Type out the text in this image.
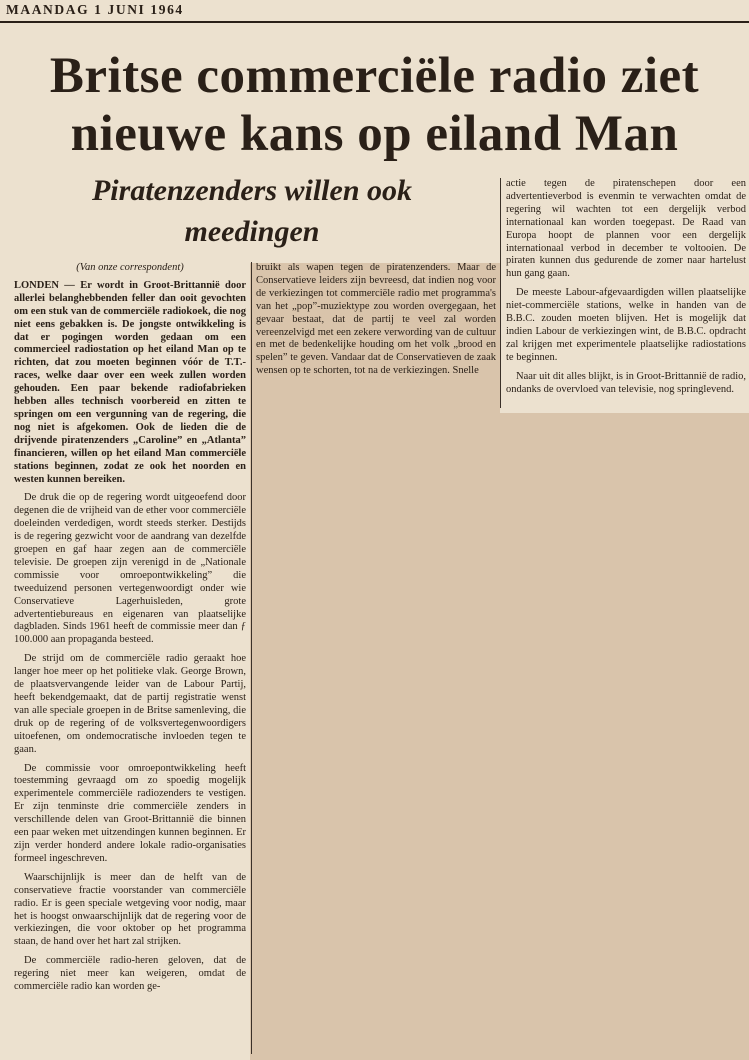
MAANDAG 1 JUNI 1964
Britse commerciële radio ziet
nieuwe kans op eiland Man
Piratenzenders willen ook
meedingen
(Van onze correspondent)

LONDEN — Er wordt in Groot-Brittannië door allerlei belanghebbenden feller dan ooit gevochten om een stuk van de commerciële radiokoek, die nog niet eens gebakken is. De jongste ontwikkeling is dat er pogingen worden gedaan om een commercieel radiostation op het eiland Man op te richten, dat zou moeten beginnen vóór de T.T.-races, welke daar over een week zullen worden gehouden. Een paar bekende radiofabrieken hebben alles technisch voorbereid en zitten te springen om een vergunning van de regering, die nog niet is afgekomen. Ook de lieden die de drijvende piratenzenders „Caroline” en „Atlanta” financieren, willen op het eiland Man commerciële stations beginnen, zodat ze ook het noorden en westen kunnen bereiken.

De druk die op de regering wordt uitgeoefend door degenen die de vrijheid van de ether voor commerciële doeleinden verdedigen, wordt steeds sterker. Destijds is de regering gezwicht voor de aandrang van dezelfde groepen en gaf haar zegen aan de commerciële televisie. De groepen zijn verenigd in de „Nationale commissie voor omroepontwikkeling” die tweeduizend personen vertegenwoordigt onder wie Conservatieve Lagerhuisleden, grote advertentiebureaus en eigenaren van plaatselijke dagbladen. Sinds 1961 heeft de commissie meer dan ƒ 100.000 aan propaganda besteed.

De strijd om de commerciële radio geraakt hoe langer hoe meer op het politieke vlak. George Brown, de plaatsvervangende leider van de Labour Partij, heeft bekendgemaakt, dat de partij registratie wenst van alle speciale groepen in de Britse samenleving, die druk op de regering of de volksvertegenwoordigers uitoefenen, om ondemocratische invloeden tegen te gaan.

De commissie voor omroepontwikkeling heeft toestemming gevraagd om zo spoedig mogelijk experimentele commerciële radiozenders te vestigen. Er zijn tenminste drie commerciële zenders in verschillende delen van Groot-Brittannië die binnen een paar weken met uitzendingen kunnen beginnen. Er zijn verder honderd andere lokale radio-organisaties formeel ingeschreven.

Waarschijnlijk is meer dan de helft van de conservatieve fractie voorstander van commerciële radio. Er is geen speciale wetgeving voor nodig, maar het is hoogst onwaarschijnlijk dat de regering voor de verkiezingen, die voor oktober op het programma staan, de hand over het hart zal strijken.

De commerciële radio-heren geloven, dat de regering niet meer kan weigeren, omdat de commerciële radio kan worden ge-

bruikt als wapen tegen de piratenzenders. Maar de Conservatieve leiders zijn bevreesd, dat indien nog voor de verkiezingen tot commerciële radio met programma's van het „pop”-muziektype zou worden overgegaan, het gevaar bestaat, dat de partij te veel zal worden vereenzelvigd met een zekere verwording van de cultuur en met de bedenkelijke houding om het volk „brood en spelen” te geven. Vandaar dat de Conservatieven de zaak wensen op te schorten, tot na de verkiezingen. Snelle

actie tegen de piratenschepen door een advertentieverbod is evenmin te verwachten omdat de regering wil wachten tot een dergelijk verbod internationaal kan worden toegepast. De Raad van Europa hoopt de plannen voor een dergelijk internationaal verbod in december te voltooien. De piraten kunnen dus gedurende de zomer naar hartelust hun gang gaan.

De meeste Labour-afgevaardigden willen plaatselijke niet-commerciële stations, welke in handen van de B.B.C. zouden moeten blijven. Het is mogelijk dat indien Labour de verkiezingen wint, de B.B.C. opdracht zal krijgen met experimentele plaatselijke radiostations te beginnen.

Naar uit dit alles blijkt, is in Groot-Brittannië de radio, ondanks de overvloed van televisie, nog springlevend.
